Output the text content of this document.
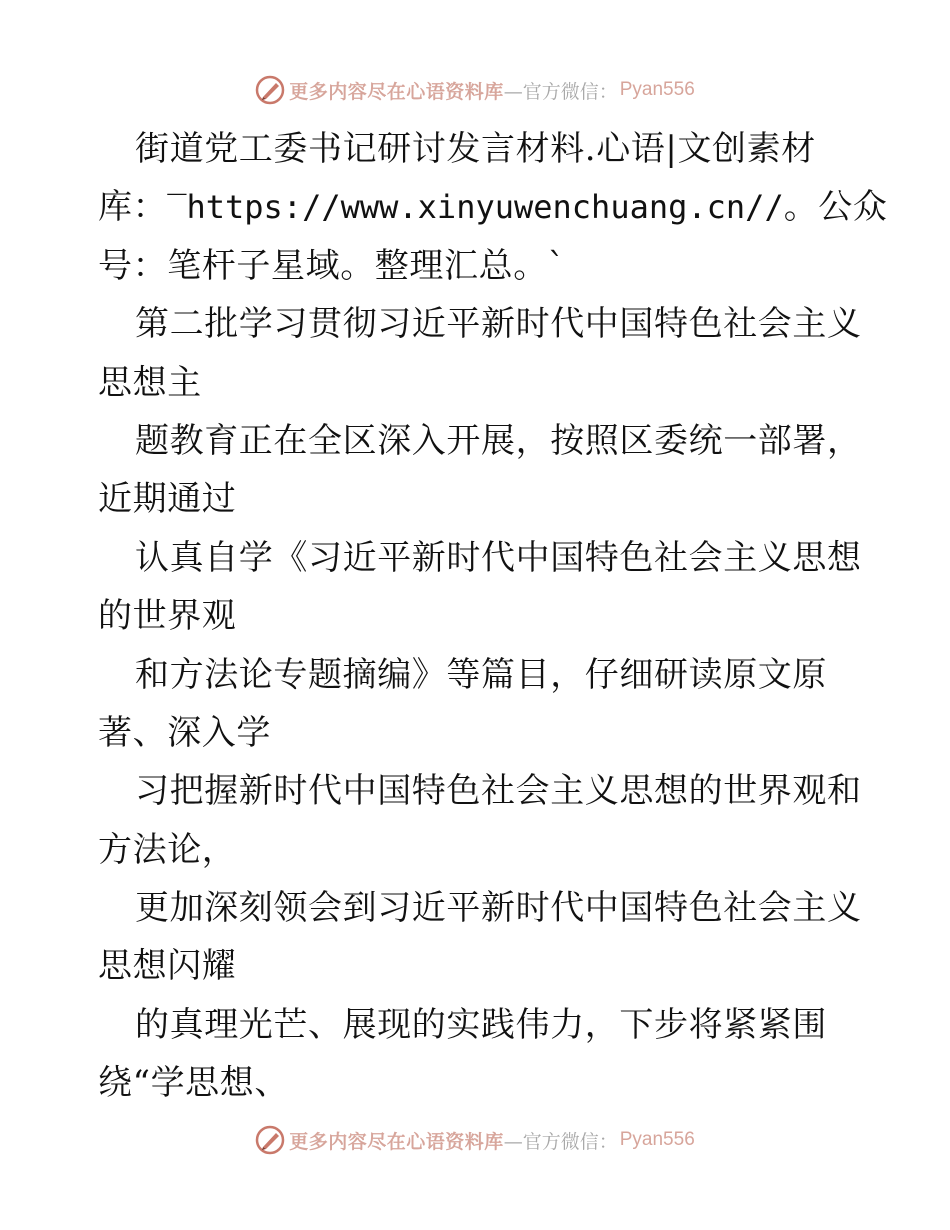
更多内容尽在心语资料库 —官方微信： Pyan556
街道党工委书记研讨发言材料.心语|文创素材
库：‾https://www.xinyuwenchuang.cn//。公众
号：笔杆子星域。整理汇总。`
第二批学习贯彻习近平新时代中国特色社会主义
思想主
题教育正在全区深入开展，按照区委统一部署，
近期通过
认真自学《习近平新时代中国特色社会主义思想
的世界观
和方法论专题摘编》等篇目，仔细研读原文原
著、深入学
习把握新时代中国特色社会主义思想的世界观和
方法论，
更加深刻领会到习近平新时代中国特色社会主义
思想闪耀
的真理光芒、展现的实践伟力，下步将紧紧围
绕“学思想、
更多内容尽在心语资料库 —官方微信： Pyan556
